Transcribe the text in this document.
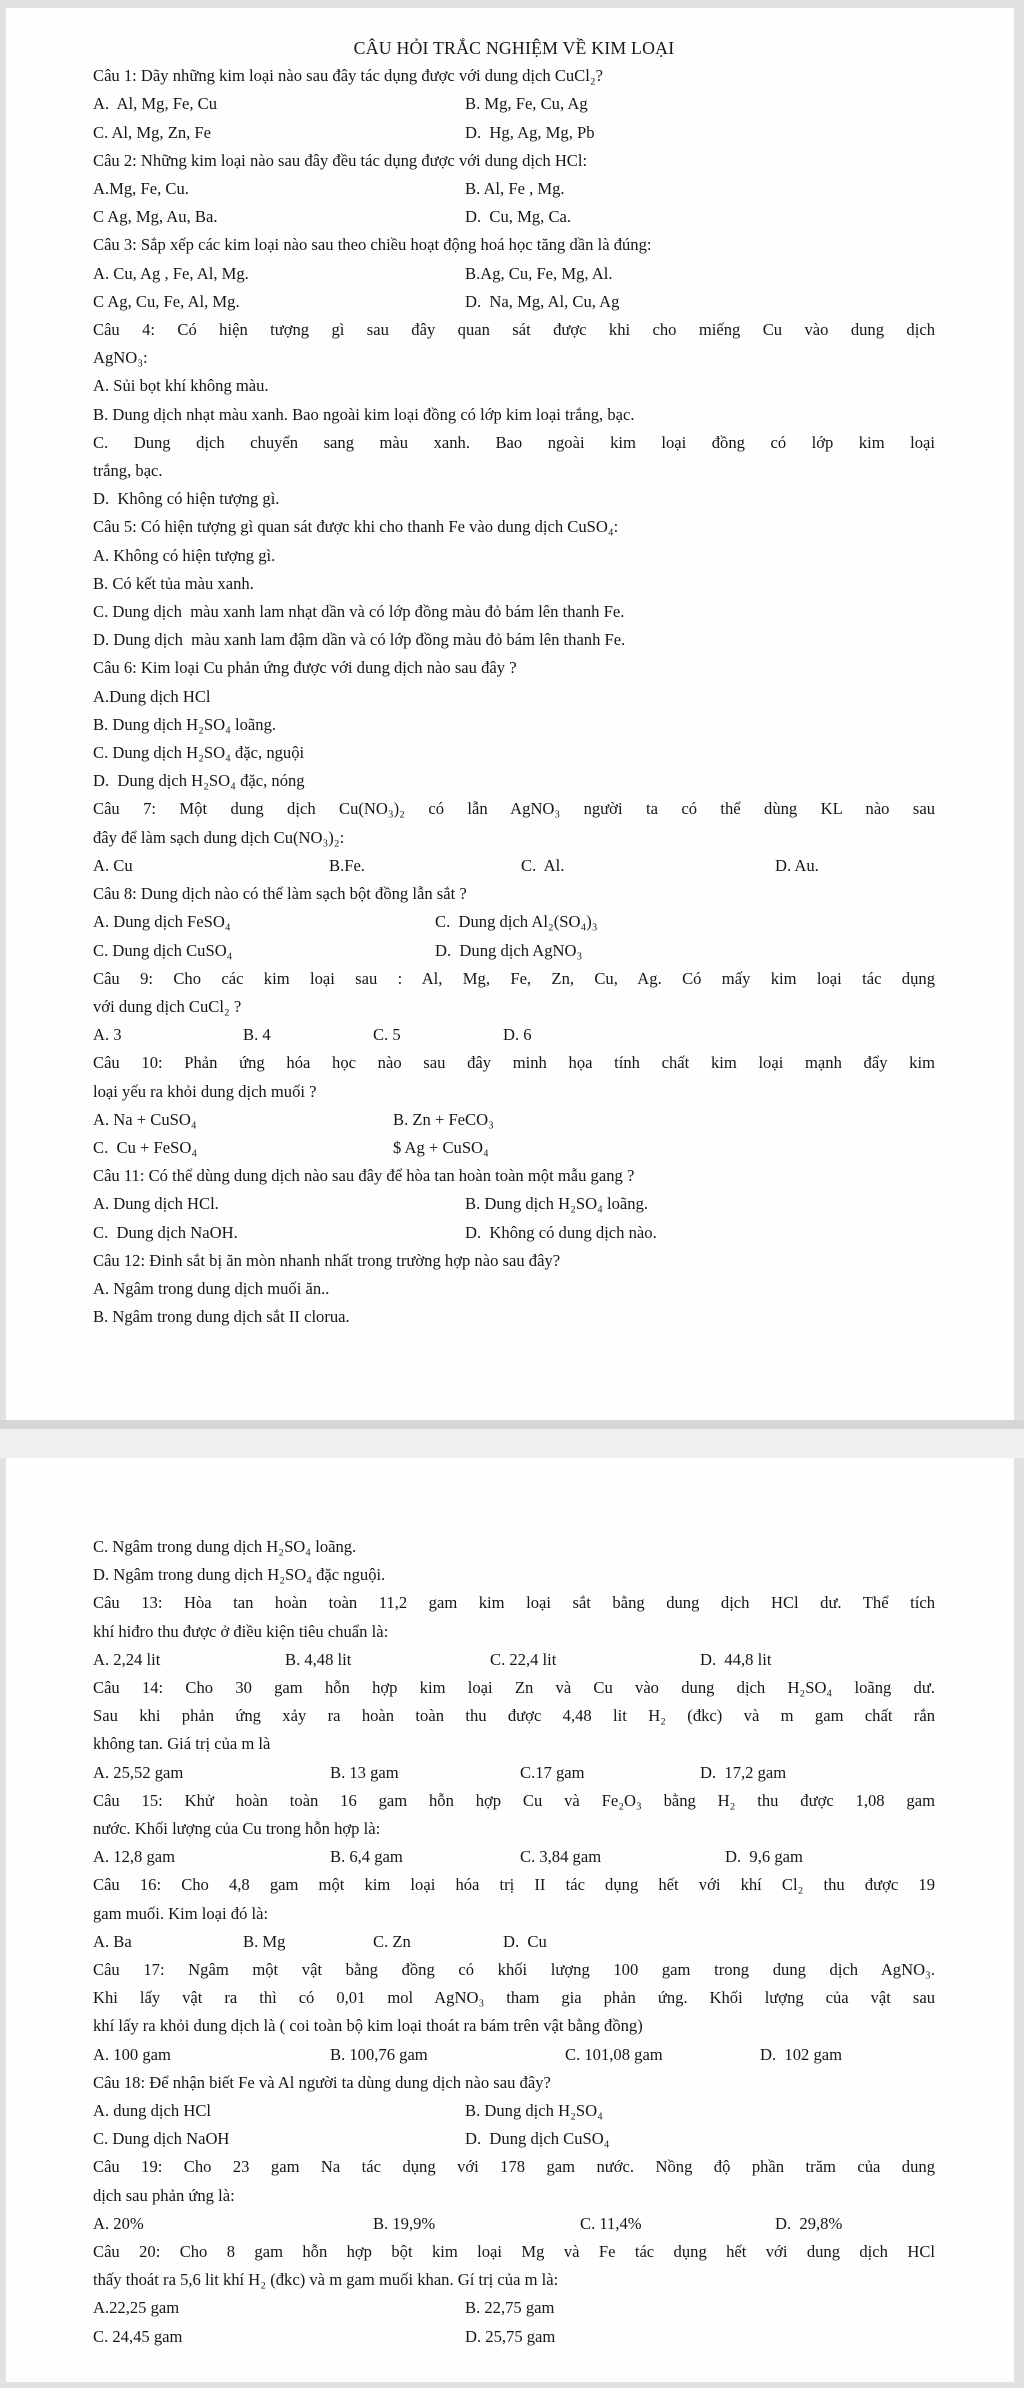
CÂU HỎI TRẮC NGHIỆM VỀ KIM LOẠI
Câu 1: Dãy những kim loại nào sau đây tác dụng được với dung dịch CuCl₂?
A.  Al, Mg, Fe, Cu	B. Mg, Fe, Cu, Ag
C. Al, Mg, Zn, Fe	D.  Hg, Ag, Mg, Pb
Câu 2: Những kim loại nào sau đây đều tác dụng được với dung dịch HCl:
A.Mg, Fe, Cu.	B. Al, Fe , Mg.
C Ag, Mg, Au, Ba.	D.  Cu, Mg, Ca.
Câu 3: Sắp xếp các kim loại nào sau theo chiều hoạt động hoá học tăng dần là đúng:
A. Cu, Ag , Fe, Al, Mg.	B.Ag, Cu, Fe, Mg, Al.
C Ag, Cu, Fe, Al, Mg.	D.  Na, Mg, Al, Cu, Ag
Câu 4: Có hiện tượng gì sau đây quan sát được khi cho miếng Cu vào dung dịch
AgNO₃:
A. Sủi bọt khí không màu.
B. Dung dịch nhạt màu xanh. Bao ngoài kim loại đồng có lớp kim loại trắng, bạc.
C. Dung dịch chuyển sang màu xanh. Bao ngoài kim loại đồng có lớp kim loại
trắng, bạc.
D.  Không có hiện tượng gì.
Câu 5: Có hiện tượng gì quan sát được khi cho thanh Fe vào dung dịch CuSO₄:
A. Không có hiện tượng gì.
B. Có kết tủa màu xanh.
C. Dung dịch  màu xanh lam nhạt dần và có lớp đồng màu đỏ bám lên thanh Fe.
D. Dung dịch  màu xanh lam đậm dần và có lớp đồng màu đỏ bám lên thanh Fe.
Câu 6: Kim loại Cu phản ứng được với dung dịch nào sau đây ?
A.Dung dịch HCl
B. Dung dịch H₂SO₄ loãng.
C. Dung dịch H₂SO₄ đặc, nguội
D.  Dung dịch H₂SO₄ đặc, nóng
Câu 7: Một dung dịch Cu(NO₃)₂ có lẫn AgNO₃ người ta có thể dùng KL nào sau
đây để làm sạch dung dịch Cu(NO₃)₂:
A. Cu	B.Fe.	C.  Al.	D. Au.
Câu 8: Dung dịch nào có thể làm sạch bột đồng lẫn sắt ?
A. Dung dịch FeSO₄	C.  Dung dịch Al₂(SO₄)₃
C. Dung dịch CuSO₄	D.  Dung dịch AgNO₃
Câu 9: Cho các kim loại sau : Al, Mg, Fe, Zn, Cu, Ag. Có mấy kim loại tác dụng
với dung dịch CuCl₂ ?
A. 3	B. 4	C. 5	D. 6
Câu 10: Phản ứng hóa học nào sau đây minh họa tính chất kim loại mạnh đẩy kim
loại yếu ra khỏi dung dịch muối ?
A. Na + CuSO₄	B. Zn + FeCO₃
C.  Cu + FeSO₄	$ Ag + CuSO₄
Câu 11: Có thể dùng dung dịch nào sau đây để hòa tan hoàn toàn một mẫu gang ?
A. Dung dịch HCl.	B. Dung dịch H₂SO₄ loãng.
C.  Dung dịch NaOH.	D.  Không có dung dịch nào.
Câu 12: Đinh sắt bị ăn mòn nhanh nhất trong trường hợp nào sau đây?
A. Ngâm trong dung dịch muối ăn..
B. Ngâm trong dung dịch sắt II clorua.
C. Ngâm trong dung dịch H₂SO₄ loãng.
D. Ngâm trong dung dịch H₂SO₄ đặc nguội.
Câu 13: Hòa tan hoàn toàn 11,2 gam kim loại sắt bằng dung dịch HCl dư. Thể tích
khí hiđro thu được ở điều kiện tiêu chuẩn là:
A. 2,24 lit	B. 4,48 lit	C. 22,4 lit	D.  44,8 lit
Câu 14: Cho 30 gam hỗn hợp kim loại Zn và Cu vào dung dịch H₂SO₄ loãng dư.
Sau khi phản ứng xảy ra hoàn toàn thu được 4,48 lit H₂ (đkc) và m gam chất rắn
không tan. Giá trị của m là
A. 25,52 gam	B. 13 gam	C.17 gam	D.  17,2 gam
Câu 15: Khử hoàn toàn 16 gam hỗn hợp Cu và Fe₂O₃ bằng H₂ thu được 1,08 gam
nước. Khối lượng của Cu trong hỗn hợp là:
A. 12,8 gam	B. 6,4 gam	C. 3,84 gam	D.  9,6 gam
Câu 16: Cho 4,8 gam một kim loại hóa trị II tác dụng hết với khí Cl₂ thu được 19
gam muối. Kim loại đó là:
A. Ba	B. Mg	C. Zn	D.  Cu
Câu 17: Ngâm một vật bằng đồng có khối lượng 100 gam trong dung dịch AgNO₃.
Khi lấy vật ra thì có 0,01 mol AgNO₃ tham gia phản ứng. Khối lượng của vật sau
khí lấy ra khỏi dung dịch là ( coi toàn bộ kim loại thoát ra bám trên vật bằng đồng)
A. 100 gam	B. 100,76 gam	C. 101,08 gam	D.  102 gam
Câu 18: Để nhận biết Fe và Al người ta dùng dung dịch nào sau đây?
A. dung dịch HCl	B. Dung dịch H₂SO₄
C. Dung dịch NaOH	D.  Dung dịch CuSO₄
Câu 19: Cho 23 gam Na tác dụng với 178 gam nước. Nồng độ phần trăm của dung
dịch sau phản ứng là:
A. 20%	B. 19,9%	C. 11,4%	D.  29,8%
Câu 20: Cho 8 gam hỗn hợp bột kim loại Mg và Fe tác dụng hết với dung dịch HCl
thấy thoát ra 5,6 lit khí H₂ (đkc) và m gam muối khan. Gí trị của m là:
A.22,25 gam	B. 22,75 gam
C. 24,45 gam	D. 25,75 gam
